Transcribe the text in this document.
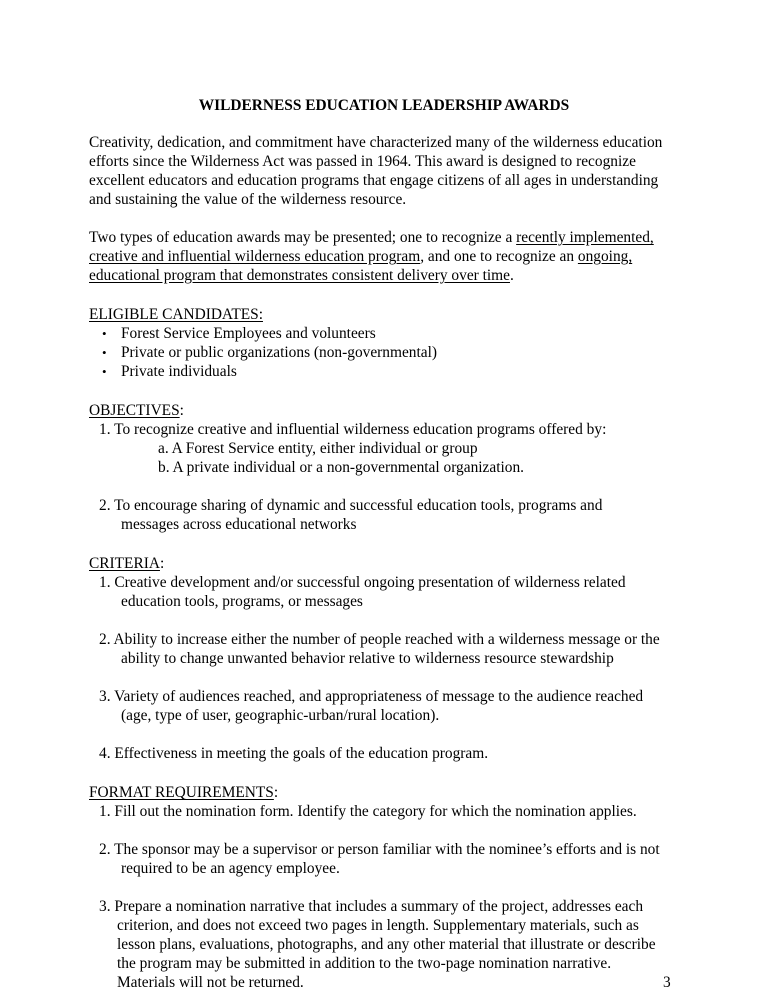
WILDERNESS EDUCATION LEADERSHIP AWARDS

Creativity, dedication, and commitment have characterized many of the wilderness education

efforts since the Wilderness Act was passed in 1964. This award is designed to recognize

excellent educators and education programs that engage citizens of all ages in understanding

and sustaining the value of the wilderness resource.

Two types of education awards may be presented; one to recognize a recently implemented,

creative and influential wilderness education program, and one to recognize an ongoing,

educational program that demonstrates consistent delivery over time.

ELIGIBLE CANDIDATES:

• Forest Service Employees and volunteers

• Private or public organizations (non-governmental)

• Private individuals

OBJECTIVES:

1. To recognize creative and influential wilderness education programs offered by:

a. A Forest Service entity, either individual or group

b. A private individual or a non-governmental organization.

2. To encourage sharing of dynamic and successful education tools, programs and

messages across educational networks

CRITERIA:

1. Creative development and/or successful ongoing presentation of wilderness related

education tools, programs, or messages

2. Ability to increase either the number of people reached with a wilderness message or the

ability to change unwanted behavior relative to wilderness resource stewardship

3. Variety of audiences reached, and appropriateness of message to the audience reached

(age, type of user, geographic-urban/rural location).

4. Effectiveness in meeting the goals of the education program.

FORMAT REQUIREMENTS:

1. Fill out the nomination form. Identify the category for which the nomination applies.

2. The sponsor may be a supervisor or person familiar with the nominee’s efforts and is not

required to be an agency employee.

3. Prepare a nomination narrative that includes a summary of the project, addresses each

criterion, and does not exceed two pages in length. Supplementary materials, such as

lesson plans, evaluations, photographs, and any other material that illustrate or describe

the program may be submitted in addition to the two-page nomination narrative.

Materials will not be returned.	3
